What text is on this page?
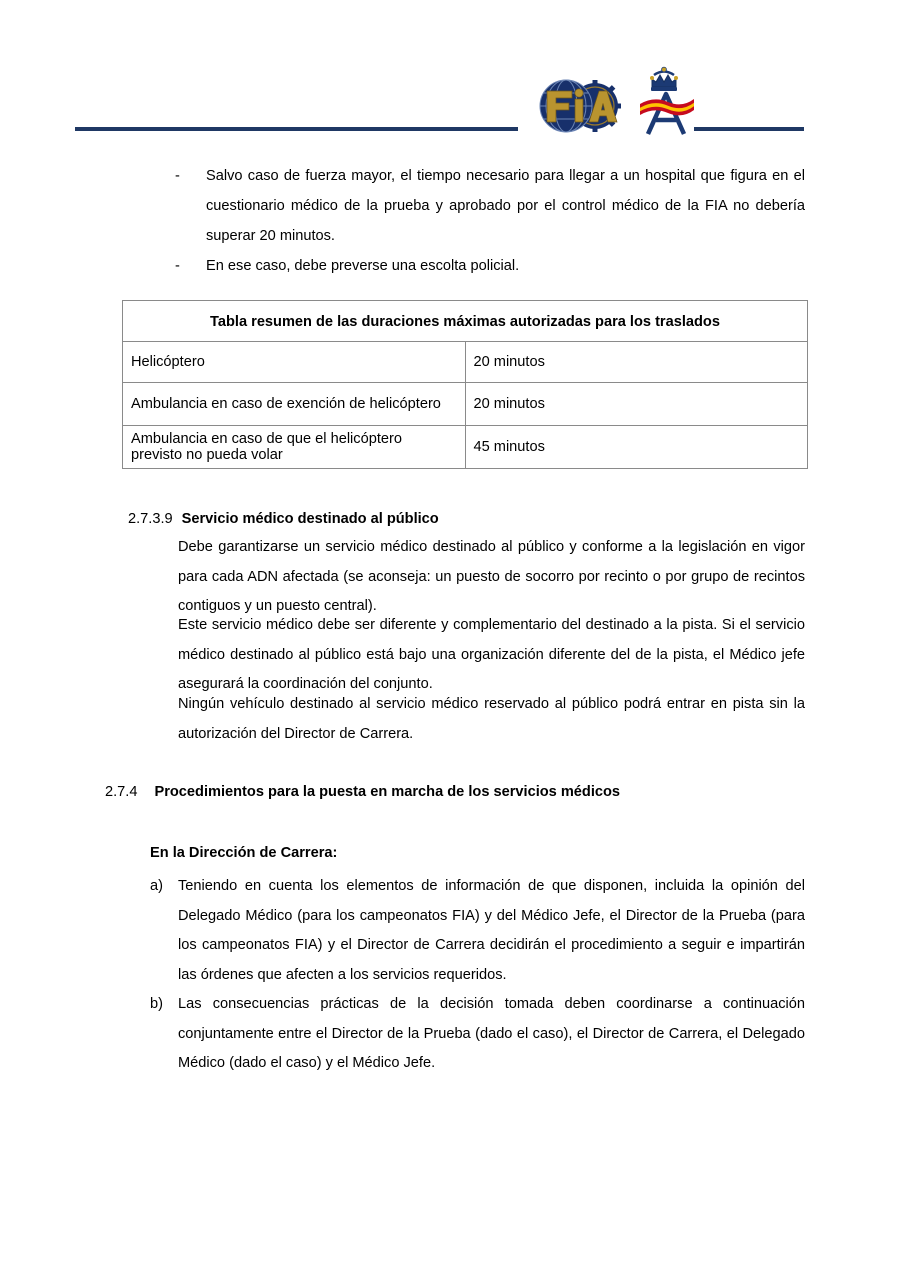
-	Salvo caso de fuerza mayor, el tiempo necesario para llegar a un hospital que figura en el cuestionario médico de la prueba y aprobado por el control médico de la FIA no debería superar 20 minutos.
-	En ese caso, debe preverse una escolta policial.
Tabla resumen de las duraciones máximas autorizadas para los traslados	
Helicóptero	20 minutos
Ambulancia en caso de exención de helicóptero	20 minutos
Ambulancia en caso de que el helicóptero previsto no pueda volar	45 minutos
2.7.3.9 Servicio médico destinado al público

Debe garantizarse un servicio médico destinado al público y conforme a la legislación en vigor para cada ADN afectada (se aconseja: un puesto de socorro por recinto o por grupo de recintos contiguos y un puesto central).

Este servicio médico debe ser diferente y complementario del destinado a la pista. Si el servicio médico destinado al público está bajo una organización diferente del de la pista, el Médico jefe asegurará la coordinación del conjunto.

Ningún vehículo destinado al servicio médico reservado al público podrá entrar en pista sin la autorización del Director de Carrera.

2.7.4 Procedimientos para la puesta en marcha de los servicios médicos
En la Dirección de Carrera:
a) Teniendo en cuenta los elementos de información de que disponen, incluida la opinión del Delegado Médico (para los campeonatos FIA) y del Médico Jefe, el Director de la Prueba (para los campeonatos FIA) y el Director de Carrera decidirán el procedimiento a seguir e impartirán las órdenes que afecten a los servicios requeridos.
b) Las consecuencias prácticas de la decisión tomada deben coordinarse a continuación conjuntamente entre el Director de la Prueba (dado el caso), el Director de Carrera, el Delegado Médico (dado el caso) y el Médico Jefe.
